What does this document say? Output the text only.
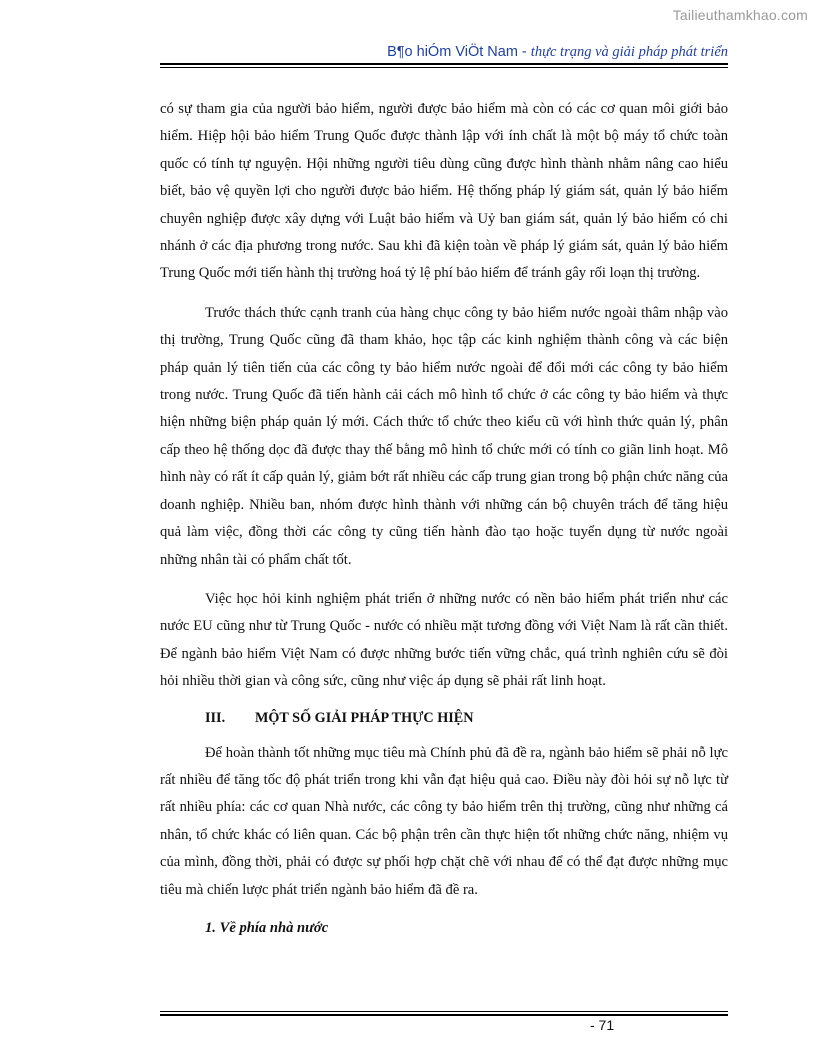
Tailieuthamkhao.com
B¶o hiÓm ViÖt Nam - thực trạng và giải pháp phát triển

có sự tham gia của người bảo hiểm, người được bảo hiểm mà còn có các cơ quan môi giới bảo hiểm. Hiệp hội bảo hiểm Trung Quốc được thành lập với ính chất là một bộ máy tổ chức toàn quốc có tính tự nguyện. Hội những người tiêu dùng cũng được hình thành nhằm nâng cao hiểu biết, bảo vệ quyền lợi cho người được bảo hiểm. Hệ thống pháp lý giám sát, quản lý bảo hiểm chuyên nghiệp được xây dựng với Luật bảo hiểm và Uỷ ban giám sát, quản lý bảo hiểm có chi nhánh ở các địa phương trong nước. Sau khi đã kiện toàn về pháp lý giám sát, quản lý bảo hiểm Trung Quốc mới tiến hành thị trường hoá tỷ lệ phí bảo hiểm để tránh gây rối loạn thị trường.

Trước thách thức cạnh tranh của hàng chục công ty bảo hiểm nước ngoài thâm nhập vào thị trường, Trung Quốc cũng đã tham khảo, học tập các kinh nghiệm thành công và các biện pháp quản lý tiên tiến của các công ty bảo hiểm nước ngoài để đổi mới các công ty bảo hiểm trong nước. Trung Quốc đã tiến hành cải cách mô hình tổ chức ở các công ty bảo hiểm và thực hiện những biện pháp quản lý mới. Cách thức tổ chức theo kiểu cũ với hình thức quản lý, phân cấp theo hệ thống dọc đã được thay thế bằng mô hình tổ chức mới có tính co giãn linh hoạt. Mô hình này có rất ít cấp quản lý, giảm bớt rất nhiều các cấp trung gian trong bộ phận chức năng của doanh nghiệp. Nhiều ban, nhóm được hình thành với những cán bộ chuyên trách để tăng hiệu quả làm việc, đồng thời các công ty cũng tiến hành đào tạo hoặc tuyển dụng từ nước ngoài những nhân tài có phẩm chất tốt.

Việc học hỏi kinh nghiệm phát triển ở những nước có nền bảo hiểm phát triển như các nước EU cũng như từ Trung Quốc - nước có nhiều mặt tương đồng với Việt Nam là rất cần thiết. Để ngành bảo hiểm Việt Nam có được những bước tiến vững chắc, quá trình nghiên cứu sẽ đòi hỏi nhiều thời gian và công sức, cũng như việc áp dụng sẽ phải rất linh hoạt.

III. MỘT SỐ GIẢI PHÁP THỰC HIỆN

Để hoàn thành tốt những mục tiêu mà Chính phủ đã đề ra, ngành bảo hiểm sẽ phải nỗ lực rất nhiều để tăng tốc độ phát triển trong khi vẫn đạt hiệu quả cao. Điều này đòi hỏi sự nỗ lực từ rất nhiều phía: các cơ quan Nhà nước, các công ty bảo hiểm trên thị trường, cũng như những cá nhân, tổ chức khác có liên quan. Các bộ phận trên cần thực hiện tốt những chức năng, nhiệm vụ của mình, đồng thời, phải có được sự phối hợp chặt chẽ với nhau để có thể đạt được những mục tiêu mà chiến lược phát triển ngành bảo hiểm đã đề ra.

1. Về phía nhà nước

- 71
